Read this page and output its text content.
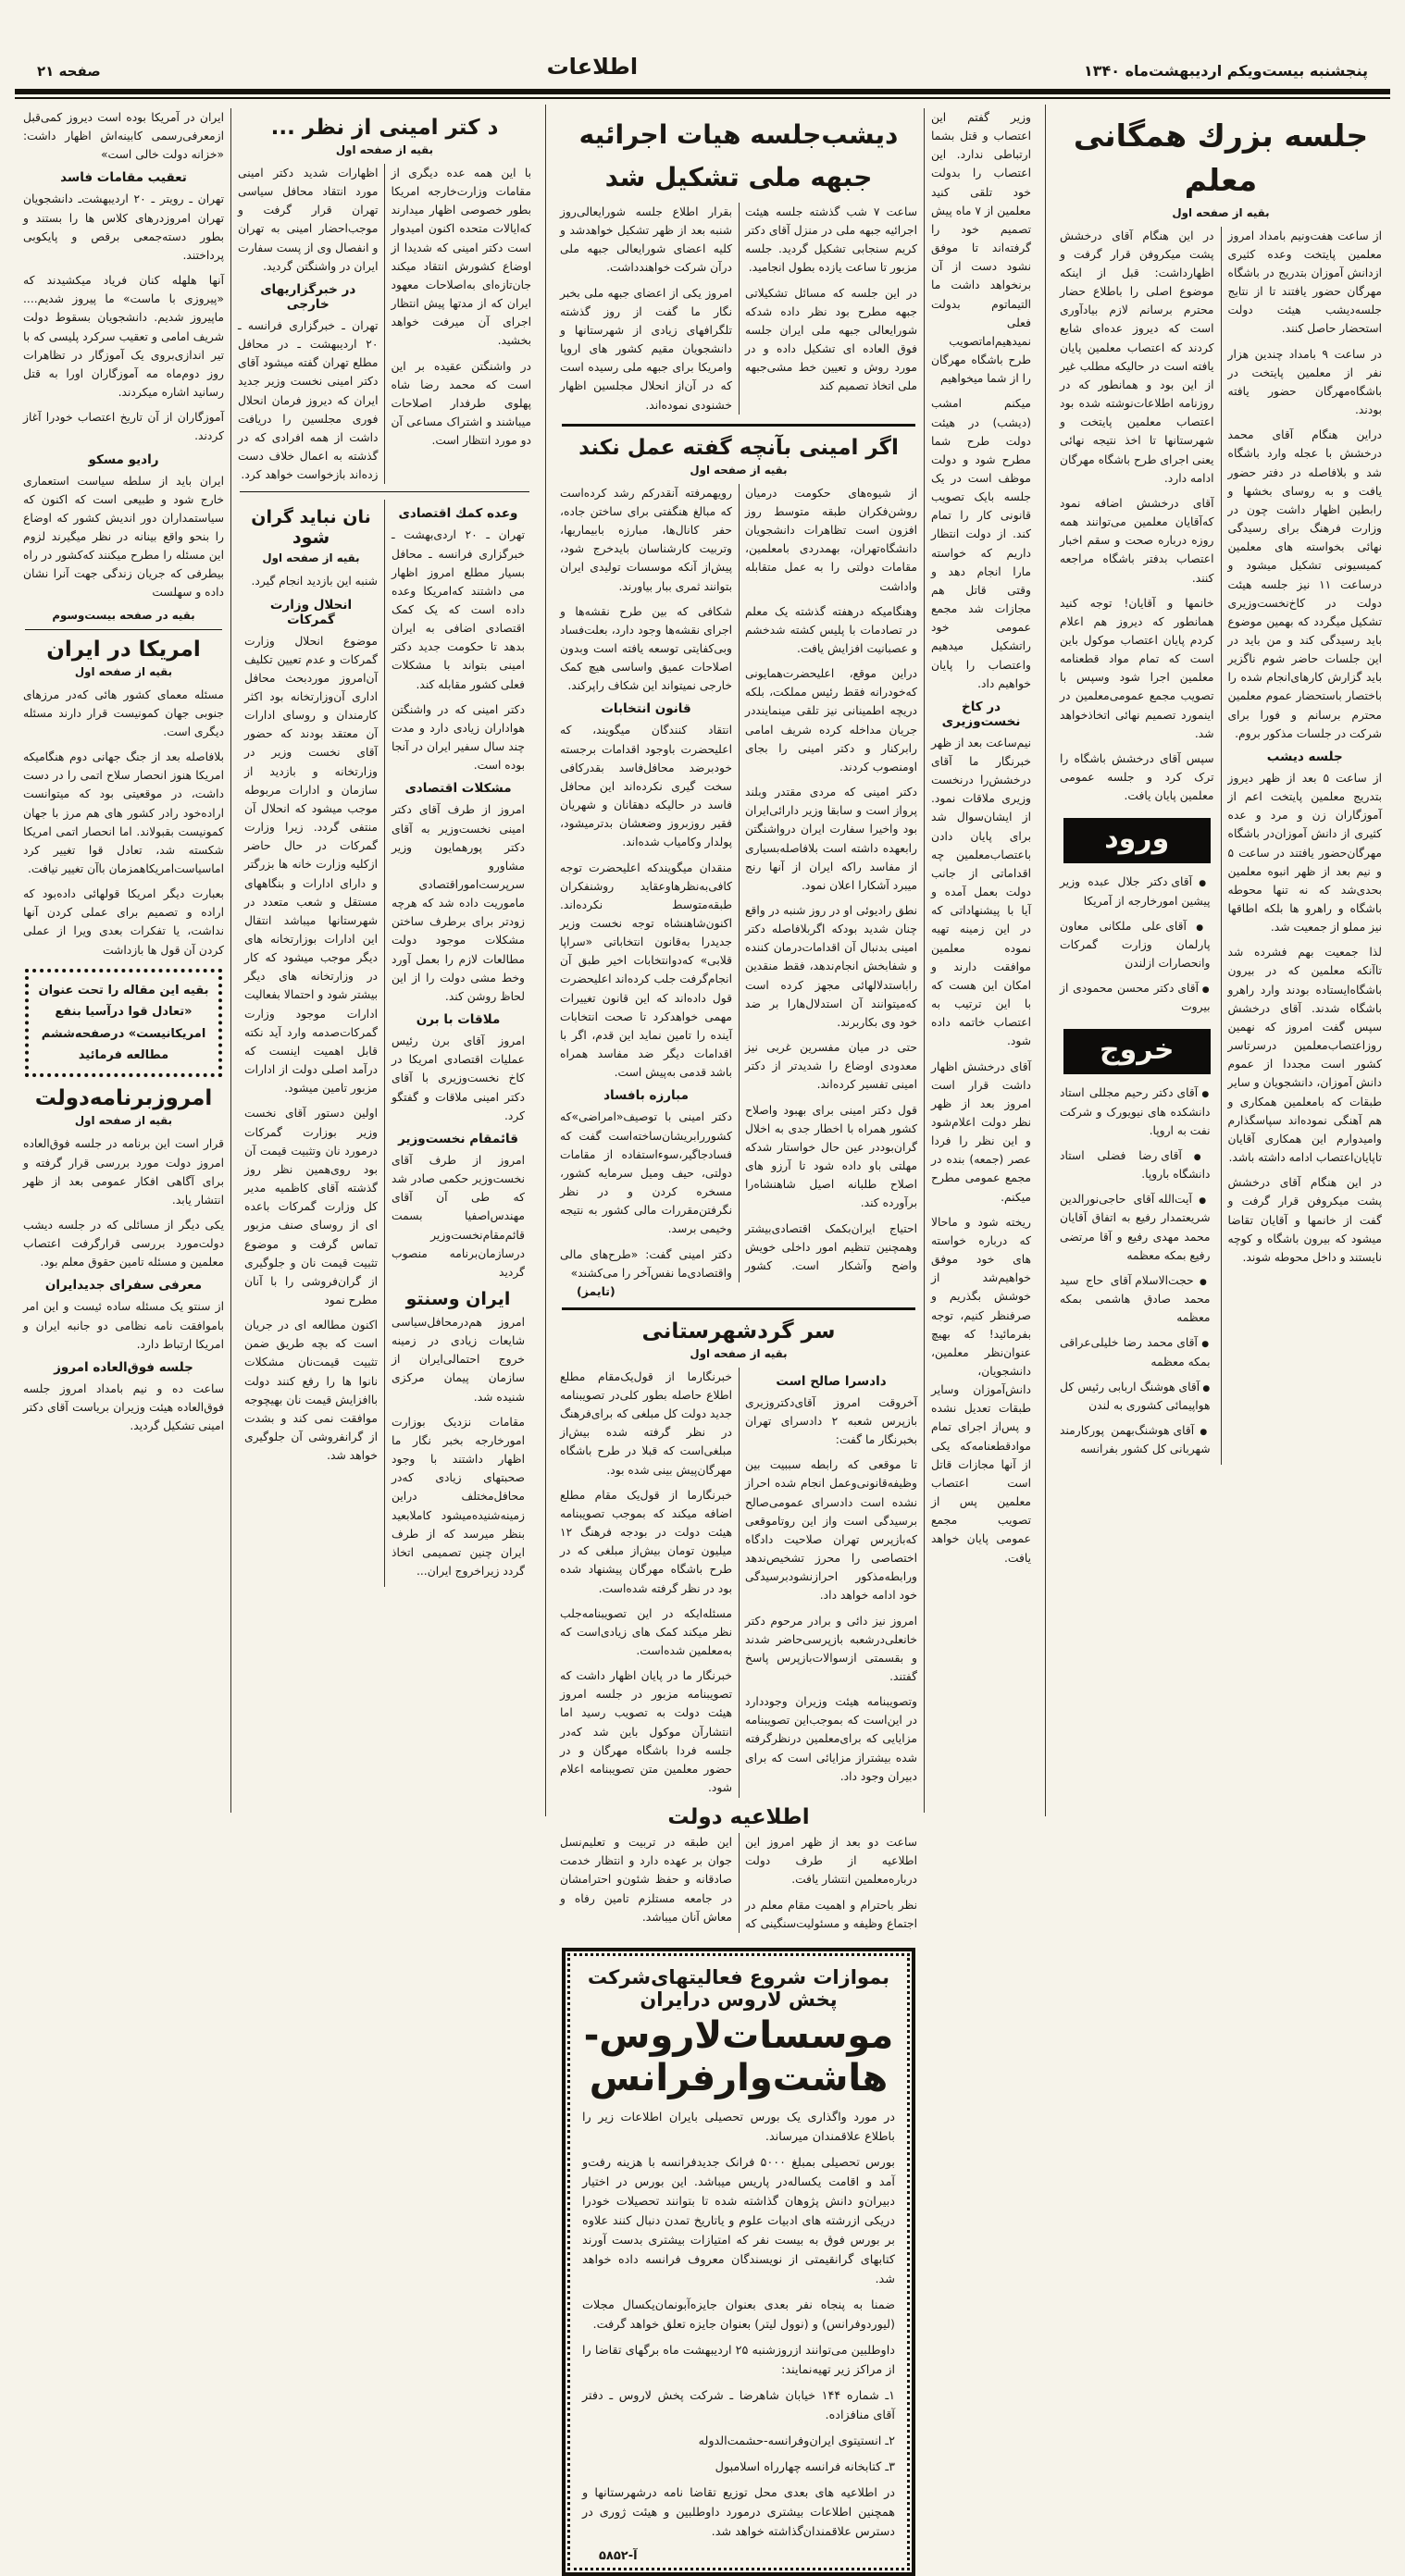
پنجشنبه بیست‌ویکم اردیبهشت‌ماه ۱۳۴۰
اطلاعات
صفحه ۲۱
جلسه بزرك همگانی معلم
بقیه از صفحه اول

از ساعت هفت‌ونیم بامداد امروز معلمین پایتخت وعده کثیری ازدانش آموزان بتدریج در باشگاه مهرگان حضور یافتند تا از نتایج جلسه‌دیشب هیئت دولت استحضار حاصل کنند.

در ساعت ۹ بامداد چندین هزار نفر از معلمین پایتخت در باشگاه‌مهرگان حضور یافته بودند.

دراین هنگام آقای محمد درخشش با عجله وارد باشگاه شد و بلافاصله در دفتر حضور یافت و به روسای بخشها و رابطین اظهار داشت چون در وزارت فرهنگ برای رسیدگی نهائی بخواسته های معلمین کمیسیونی تشکیل میشود و درساعت ۱۱ نیز جلسه هیئت دولت در کاخ‌نخست‌وزیری تشکیل میگردد که بهمین موضوع باید رسیدگی کند و من باید در این جلسات حاضر شوم ناگزیر باید گزارش کارهای‌انجام شده را باختصار باستحضار عموم معلمین محترم برسانم و فورا برای شرکت در جلسات مذکور بروم.

جلسه دیشب

از ساعت ۵ بعد از ظهر دیروز بتدریج معلمین پایتخت اعم از آموزگاران زن و مرد و عده کثیری از دانش آموزان‌در باشگاه مهرگان‌حضور یافتند در ساعت ۵ و نیم بعد از ظهر انبوه معلمین بحدی‌شد که نه تنها محوطه باشگاه و راهرو ها بلکه اطاقها نیز مملو از جمعیت شد.

لذا جمعیت بهم فشرده شد تاآنکه معلمین که در بیرون باشگاه‌ایستاده بودند وارد راهرو باشگاه شدند. آقای درخشش سپس گفت امروز که نهمین روزاعتصاب‌معلمین درسرتاسر کشور است مجددا از عموم دانش آموزان، دانشجویان و سایر طبقات که بامعلمین همکاری و هم آهنگی نموده‌اند سپاسگذارم وامیدوارم این همکاری آقایان تاپایان‌اعتصاب ادامه داشته باشد.

در این هنگام آقای درخشش پشت میکروفن قرار گرفت و گفت از خانمها و آقایان تقاضا میشود که بیرون باشگاه و کوچه نایستند و داخل محوطه شوند.

در این هنگام آقای درخشش پشت میکروفن قرار گرفت و اظهارداشت: قبل از اینکه موضوع اصلی را باطلاع حضار محترم برسانم لازم بیادآوری است که دیروز عده‌ای شایع کردند که اعتصاب معلمین پایان یافته است در حالیکه مطلب غیر از این بود و همانطور که در روزنامه اطلاعات‌نوشته شده بود اعتصاب معلمین پایتخت و شهرستانها تا اخذ نتیجه نهائی یعنی اجرای طرح باشگاه مهرگان ادامه دارد.

آقای درخشش اضافه نمود که‌آقایان معلمین می‌توانند همه روزه درباره صحت و سقم اخبار اعتصاب بدفتر باشگاه مراجعه کنند.

خانمها و آقایان! توجه کنید همانطور که دیروز هم اعلام کردم پایان اعتصاب موکول باین است که تمام مواد قطعنامه معلمین اجرا شود وسپس با تصویب مجمع عمومی‌معلمین در اینمورد تصمیم نهائی اتخاذخواهد شد.

سپس آقای درخشش باشگاه را ترک کرد و جلسه عمومی معلمین پایان یافت.

ورود

● آقای دکتر جلال عبده وزیر پیشین امورخارجه از آمریکا

● آقای علی ملکانی معاون پارلمان وزارت گمرکات وانحصارات ازلندن

● آقای دکتر محسن محمودی از بیروت

خروج

● آقای دکتر رحیم مجللی استاد دانشکده های نیویورک و شرکت نفت به اروپا.

● آقای رضا فضلی استاد دانشگاه باروپا.

● آیت‌الله آقای حاجی‌نورالدین شریعتمدار رفیع به اتفاق آقایان محمد مهدی رفیع و آقا مرتضی رفیع بمکه معظمه

● حجت‌الاسلام آقای حاج سید محمد صادق هاشمی بمکه معظمه

● آقای محمد رضا خلیلی‌عراقی بمکه معظمه

● آقای هوشنگ اربابی رئیس کل هواپیمائی کشوری به لندن

● آقای هوشنگ‌بهمن پورکارمند شهربانی کل کشور بفرانسه

وزیر گفتم این اعتصاب و قتل بشما ارتباطی ندارد. این اعتصاب را بدولت خود تلقی کنید معلمین از ۷ ماه پیش تصمیم خود را گرفته‌اند تا موفق نشود دست از آن برنخواهد داشت ما التیماتوم بدولت فعلی نمیدهیم‌اماتصویب طرح باشگاه مهرگان را از شما میخواهیم

میکنم امشب (دیشب) در هیئت دولت طرح شما مطرح شود و دولت موظف است در یک جلسه بایک تصویب قانونی کار را تمام کند. از دولت انتظار داریم که خواسته مارا انجام دهد و وقتی قاتل هم مجازات شد مجمع عمومی خود راتشکیل میدهیم واعتصاب را پایان خواهیم داد.

در كاخ نخست‌وزیری

نیم‌ساعت بعد از ظهر خبرنگار ما آقای درخشش‌را درنخست وزیری ملاقات نمود. از ایشان‌سوال شد برای پایان دادن باعتصاب‌معلمین چه اقداماتی از جانب دولت بعمل آمده و آیا با پیشنهاداتی که در این زمینه تهیه نموده معلمین موافقت دارند و امکان این هست که با این ترتیب به اعتصاب خاتمه داده شود.

آقای درخشش اظهار داشت قرار است امروز بعد از ظهر نظر دولت اعلام‌شود و این نظر را فردا عصر (جمعه) بنده در مجمع عمومی مطرح میکنم.

ریخته شود و ماحالا که درباره خواسته های خود موفق خواهیم‌شد از خوشش بگذریم و صرفنظر کنیم، توجه بفرمائید! که بهیچ عنوان‌نظر معلمین، دانشجویان، دانش‌آموزان وسایر طبقات تعدیل نشده و پس‌از اجرای تمام موادقطعنامه‌که یکی از آنها مجازات قاتل است اعتصاب معلمین پس از تصویب مجمع عمومی پایان خواهد یافت.

دیشب‌جلسه هیات اجرائیه
جبهه ملی تشکیل شد

ساعت ۷ شب گذشته جلسه هیئت اجرائیه جبهه ملی در منزل آقای دکتر کریم سنجابی تشکیل گردید. جلسه مزبور تا ساعت یازده بطول انجامید.

در این جلسه که مسائل تشکیلاتی جبهه مطرح بود نظر داده شدکه شورایعالی جبهه ملی ایران جلسه فوق العاده ای تشکیل داده و در مورد روش و تعیین خط مشی‌جبهه ملی اتخاذ تصمیم کند

بقرار اطلاع جلسه شورایعالی‌روز شنبه بعد از ظهر تشکیل خواهدشد و کلیه اعضای شورایعالی جبهه ملی درآن شرکت خواهندداشت.

امروز یکی از اعضای جبهه ملی بخبر نگار ما گفت از روز گذشته تلگرافهای زیادی از شهرستانها و دانشجویان مقیم کشور های اروپا وامریکا برای جبهه ملی رسیده است که در آن‌از انحلال مجلسین اظهار خشنودی نموده‌اند.

اگر امینی بآنچه گفته عمل نکند
بقیه از صفحه اول

از شیوه‌های حکومت درمیان روشن‌فکران طبقه متوسط روز افزون است تظاهرات دانشجویان دانشگاه‌تهران، بهمدردی بامعلمین، مقامات دولتی را به عمل متقابله واداشت

وهنگامیکه درهفته گذشته یک معلم در تصادمات با پلیس کشته شدخشم و عصبانیت افزایش یافت.

دراین موقع، اعلیحضرت‌همایونی که‌خودرانه فقط رئیس مملکت، بلکه دریچه اطمینانی نیز تلقی مینماینددر جریان مداخله کرده شریف امامی رابرکنار و دکتر امینی را بجای اومنصوب کردند.

دکتر امینی که مردی مقتدر وبلند پرواز است و سابقا وزیر دارائی‌ایران بود واخیرا سفارت ایران درواشنگتن رابعهده داشته است بلافاصله‌بسیاری از مفاسد راکه ایران از آنها رنج میبرد آشکارا اعلان نمود.

نطق رادیوئی او در روز شنبه در واقع چنان شدید بودکه اگربلافاصله دکتر امینی بدنبال آن اقدامات‌درمان کننده و شفابخش انجام‌ندهد، فقط منقدین راباستدلالهائی مجهز کرده است که‌میتوانند آن استدلال‌هارا بر ضد خود وی بکاربرند.

حتی در میان مفسرین غربی نیز معدودی اوضاع را شدیدتر از دکتر امینی تفسیر کرده‌اند.

قول دکتر امینی برای بهبود واصلاح کشور همراه با اخطار جدی به اخلال گران‌بوددر عین حال خواستار شدکه مهلتی باو داده شود تا آرزو های اصلاح طلبانه اصیل شاهنشاه‌را برآورده کند.

احتیاج ایران‌بکمک اقتصادی‌بیشتر وهمچنین تنظیم امور داخلی خویش واضح وآشکار است. کشور رویهمرفته آنقدرکم رشد کرده‌است که مبالغ هنگفتی برای ساختن جاده، حفر کانال‌ها، مبارزه بابیماریها، وتربیت کارشناسان بایدخرج شود، پیش‌از آنکه موسسات تولیدی ایران بتوانند ثمری ببار بیاورند.

شکافی که بین طرح نقشه‌ها و اجرای نقشه‌ها وجود دارد، بعلت‌فساد وبی‌کفایتی توسعه یافته است وبدون اصلاحات عمیق واساسی هیچ کمک خارجی نمیتواند این شکاف راپرکند.

قانون انتخابات

انتقاد کنندگان میگویند، که اعلیحضرت باوجود اقدامات برجسته خودبرضد محافل‌فاسد بقدرکافی سخت گیری نکرده‌اند این محافل فاسد در حالیکه دهقانان و شهریان فقیر روزبروز وضعشان بدترمیشود، پولدار وکامیاب شده‌اند.

منقدان میگویندکه اعلیحضرت توجه کافی‌به‌نظرهاوعقاید روشنفکران طبقه‌متوسط نکرده‌اند. اکنون‌شاهنشاه توجه نخست وزیر جدیدرا به‌قانون انتخاباتی «سراپا قلابی» که‌دوانتخابات اخیر طبق آن انجام‌گرفت جلب کرده‌اند اعلیحضرت قول داده‌اند که این قانون تغییرات مهمی خواهدکرد تا صحت انتخابات آینده را تامین نماید این قدم، اگر با اقدامات دیگر ضد مفاسد همراه باشد قدمی به‌پیش است.

مبارزه بافساد

دکتر امینی با توصیف«امراضی»که کشوررابریشان‌ساخته‌است گفت که فسادجاگیر،سوءاستفاده از مقامات دولتی، حیف ومیل سرمایه کشور، مسخره کردن و در نظر نگرفتن‌مقررات مالی کشور به نتیجه وخیمی برسد.

دکتر امینی گفت: «طرح‌های مالی واقتصادی‌ما نفس‌آخر را می‌کشند»

(تایمز)
سر گردشهرستانی
بقیه از صفحه اول
دادسرا صالح است

آخروقت امروز آقای‌دکتروزیری بازپرس شعبه ۲ دادسرای تهران بخبرنگار ما گفت:

تا موقعی که رابطه سببیت بین وظیفه‌قانونی‌وعمل انجام شده احراز نشده است دادسرای عمومی‌صالح برسیدگی است واز این روتاموقعی که‌بازپرس تهران صلاحیت دادگاه اختصاصی را محرز تشخیص‌ندهد ورابطه‌مذکور احرازنشودبرسیدگی خود ادامه خواهد داد.

امروز نیز دائی و برادر مرحوم دکتر خانعلی‌درشعبه بازپرسی‌حاضر شدند و بقسمتی ازسوالات‌بازپرس پاسخ گفتند.

وتصویبنامه هیئت وزیران وجوددارد در این‌است که بموجب‌این تصویبنامه مزایایی که برای‌معلمین درنظرگرفته شده بیشتراز مزایائی است که برای دبیران وجود داد.

خبرنگارما از قول‌یک‌مقام مطلع اطلاع حاصله بطور کلی‌در تصویبنامه جدید دولت کل مبلغی که برای‌فرهنگ در نظر گرفته شده بیش‌از مبلغی‌است که قبلا در طرح باشگاه مهرگان‌پیش بینی شده بود.

خبرنگارما از قول‌یک مقام مطلع اضافه میکند که بموجب تصویبنامه هیئت دولت در بودجه فرهنگ ۱۲ میلیون تومان بیش‌از مبلغی که در طرح باشگاه مهرگان پیشنهاد شده بود در نظر گرفته شده‌است.

مسئله‌ایکه در این تصویبنامه‌جلب نظر میکند کمک های زیادی‌است که به‌معلمین شده‌است.

خبرنگار ما در پایان اظهار داشت که تصویبنامه مزبور در جلسه امروز هیئت دولت به تصویب رسید اما انتشارآن موکول باین شد که‌در جلسه فردا باشگاه مهرگان و در حضور معلمین متن تصویبنامه اعلام شود.

اطلاعیه دولت

ساعت دو بعد از ظهر امروز این اطلاعیه از طرف دولت درباره‌معلمین انتشار یافت.

نظر باحترام و اهمیت مقام معلم در اجتماع وظیفه و مسئولیت‌سنگینی که این طبقه در تربیت و تعلیم‌نسل جوان بر عهده دارد و انتظار خدمت صادقانه و حفظ شئون‌و احترامشان در جامعه مستلزم تامین رفاه و معاش آنان میباشد.

بموازات شروع فعالیتهای‌شرکت پخش لاروس درایران
موسسات‌لاروس-هاشت‌وارفرانس

در مورد واگذاری یک بورس تحصیلی بایران اطلاعات زیر را باطلاع علاقمندان میرساند.

بورس تحصیلی بمبلغ ۵۰۰۰ فرانک جدیدفرانسه با هزینه رفت‌و آمد و اقامت یکساله‌در پاریس میباشد. این بورس در اختیار دبیران‌و دانش پژوهان گذاشته شده تا بتوانند تحصیلات خودرا دریکی ازرشته های ادبیات علوم و یاتاریخ تمدن دنبال کنند علاوه بر بورس فوق به بیست نفر که امتیازات بیشتری بدست آورند کتابهای گرانقیمتی از نویسندگان معروف فرانسه داده خواهد شد.

ضمنا به پنجاه نفر بعدی بعنوان جایزه‌آبونمان‌یکسال مجلات (لیوردوفرانس) و (نوول لیتر) بعنوان جایزه تعلق خواهد گرفت.

داوطلبین می‌توانند ازروزشنبه ۲۵ اردیبهشت ماه برگهای تقاضا را از مراکز زیر تهیه‌نمایند:

۱ـ شماره ۱۴۴ خیابان شاهرضا ـ شرکت پخش لاروس ـ دفتر آقای منافزاده.

۲ـ انستیتوی ایران‌وفرانسه-حشمت‌الدوله

۳ـ کتابخانه فرانسه چهارراه اسلامبول

در اطلاعیه های بعدی محل توزیع تقاضا نامه درشهرستانها و همچنین اطلاعات بیشتری درمورد داوطلبین و هیئت ژوری در دسترس علاقمندان‌گذاشته خواهد شد.

آ-۵۸۵۲
د كتر امينى از نظر ...
بقیه از صفحه اول

با این همه عده دیگری از مقامات وزارت‌خارجه امریکا بطور خصوصی اظهار میدارند که‌ایالات متحده اکنون امیدوار است دکتر امینی که شدیدا از اوضاع کشورش انتقاد میکند جان‌تازه‌ای به‌اصلاحات معهود ایران که از مدتها پیش انتظار اجرای آن میرفت خواهد بخشید.

در واشنگتن عقیده بر این است که محمد رضا شاه پهلوی طرفدار اصلاحات میباشند و اشتراک مساعی آن دو مورد انتظار است.

اظهارات شدید دکتر امینی مورد انتقاد محافل سیاسی تهران قرار گرفت و موجب‌احضار امینی به تهران و انفصال وی از پست سفارت ایران در واشنگتن گردید.

در خبرگزاریهای خارجی

تهران ـ خبرگزاری فرانسه ـ ۲۰ اردیبهشت ـ در محافل مطلع تهران گفته میشود آقای دکتر امینی نخست وزیر جدید ایران که دیروز فرمان انحلال فوری مجلسین را دریافت داشت از همه افرادی که در گذشته به اعمال خلاف دست زده‌اند بازخواست خواهد کرد.

وعده كمك اقتصادی

تهران ـ ۲۰ اردی‌بهشت ـ خبرگزاری فرانسه ـ محافل بسیار مطلع امروز اظهار می داشتند که‌امریکا وعده داده است که یک کمک اقتصادی اضافی به ایران بدهد تا حکومت جدید دکتر امینی بتواند با مشکلات فعلی کشور مقابله کند.

دکتر امینی که در واشنگتن هواداران زیادی دارد و مدت چند سال سفیر ایران در آنجا بوده است.

مشکلات اقتصادی

امروز از طرف آقای دکتر امینی نخست‌وزیر به آقای دکتر پورهمایون وزیر مشاورو سرپرست‌اموراقتصادی ماموریت داده شد که هرچه زودتر برای برطرف ساختن مشکلات موجود دولت مطالعات لازم را بعمل آورد وخط مشی دولت را از این لحاظ روشن کند.

ملاقات با برن

امروز آقای برن رئیس عملیات اقتصادی امریکا در کاخ نخست‌وزیری با آقای دکتر امینی ملاقات و گفتگو کرد.

قائمقام نخست‌وزیر

امروز از طرف آقای نخست‌وزیر حکمی صادر شد که طی آن آقای مهندس‌اصفیا بسمت قائم‌مقام‌نخست‌وزیر درسازمان‌برنامه منصوب گردید

ایران وسنتو

امروز هم‌درمحافل‌سیاسی شایعات زیادی در زمینه خروج احتمالی‌ایران از سازمان پیمان مرکزی شنیده شد.

مقامات نزدیک بوزارت امورخارجه بخبر نگار ما اظهار داشتند با وجود صحبتهای زیادی که‌در محافل‌مختلف دراین زمینه‌شنیده‌میشود کاملابعید بنظر میرسد که از طرف ایران چنین تصمیمی اتخاذ گردد زیراخروج ایران...

نان نباید گران شود
بقیه از صفحه اول

شنبه این بازدید انجام گیرد.

انحلال وزارت گمرکات

موضوع انحلال وزارت گمرکات و عدم تعیین تکلیف آن‌امروز موردبحث محافل اداری آن‌وزارتخانه بود اکثر کارمندان و روسای ادارات آن معتقد بودند که حضور آقای نخست وزیر در وزارتخانه و بازدید از سازمان و ادارات مربوطه موجب میشود که انحلال آن منتفی گردد. زیرا وزارت گمرکات در حال حاضر ازکلیه وزارت خانه ها بزرگتر و دارای ادارات و بنگاههای مستقل و شعب متعدد در شهرستانها میباشد انتقال این ادارات بوزارتخانه های دیگر موجب میشود که کار در وزارتخانه های دیگر بیشتر شود و احتمالا بفعالیت ادارات موجود وزارت گمرکات‌صدمه وارد آید نکته قابل اهمیت اینست که درآمد اصلی دولت از ادارات مزبور تامین میشود.

اولین دستور آقای نخست وزیر بوزارت گمرکات درمورد نان وتثبیت قیمت آن بود روی‌همین نظر روز گذشته آقای کاظمیه مدیر کل وزارت گمرکات باعده ای از روسای صنف مزبور تماس گرفت و موضوع تثبیت قیمت نان و جلوگیری از گران‌فروشی را با آنان مطرح نمود

اکنون مطالعه ای در جریان است که بچه طریق ضمن تثبیت قیمت‌نان مشکلات نانوا ها را رفع کنند دولت باافزایش قیمت نان بهیچوجه موافقت نمی کند و بشدت از گرانفروشی آن جلوگیری خواهد شد.

ایران در آمریکا بوده است دیروز کمی‌قبل ازمعرفی‌رسمی کابینه‌اش اظهار داشت: «خزانه دولت خالی است»

تعقیب مقامات فاسد

تهران ـ رویتر ـ ۲۰ اردیبهشت‌ـ دانشجویان تهران امروزدرهای کلاس ها را بستند و بطور دسته‌جمعی برقص و پایکوبی پرداختند.

آنها هلهله کنان فریاد میکشیدند که «پیروزی با ماست» ما پیروز شدیم.... ماپیروز شدیم. دانشجویان بسقوط دولت شریف امامی و تعقیب سرکرد پلیسی که با تیر اندازی‌بروی یک آموزگار در تظاهرات روز دوم‌ماه مه آموزگاران اورا به قتل رسانید اشاره میکردند.

آموزگاران از آن تاریخ اعتصاب خودرا آغاز کردند.

رادیو مسکو

ایران باید از سلطه سیاست استعماری خارج شود و طبیعی است که اکنون که سیاستمداران دور اندیش کشور که اوضاع را بنحو واقع بینانه در نظر میگیرند لزوم این مسئله را مطرح میکنند که‌کشور در راه بیطرفی که جریان زندگی جهت آنرا نشان داده و سهلست

بقیه در صفحه بیست‌وسوم
امریکا در ایران
بقیه از صفحه اول

مسئله معمای کشور هائی که‌در مرزهای جنوبی جهان کمونیست قرار دارند مسئله دیگری است.

بلافاصله بعد از جنگ جهانی دوم هنگامیکه امریکا هنوز انحصار سلاح اتمی را در دست داشت، در موقعیتی بود که میتوانست اراده‌خود رادر کشور های هم مرز با جهان کمونیست بقبولاند. اما انحصار اتمی امریکا شکسته شد، تعادل قوا تغییر کرد اماسیاست‌امریکاهمزمان باآن تغییر نیافت.

بعبارت دیگر امریکا قولهائی داده‌بود که اراده و تصمیم برای عملی کردن آنها نداشت، یا تفکرات بعدی ویرا از عملی کردن آن قول ها بازداشت

بقیه این مقاله را تحت عنوان «تعادل قوا درآسیا بنفع امریکانیست» درصفحه‌ششم مطالعه فرمائید
امروزبرنامه‌دولت
بقیه از صفحه اول

قرار است این برنامه در جلسه فوق‌العاده امروز دولت مورد بررسی قرار گرفته و برای آگاهی افکار عمومی بعد از ظهر انتشار یابد.

یکی دیگر از مسائلی که در جلسه دیشب دولت‌مورد بررسی قرارگرفت اعتصاب معلمین و مسئله تامین حقوق معلم بود.

معرفی سفرای جدیدایران

از سنتو یک مسئله ساده ئیست و این امر باموافقت نامه نظامی دو جانبه ایران و امریکا ارتباط دارد.

جلسه فوق‌العاده امروز

ساعت ده و نیم بامداد امروز جلسه فوق‌العاده هیئت وزیران بریاست آقای دکتر امینی تشکیل گردید.
